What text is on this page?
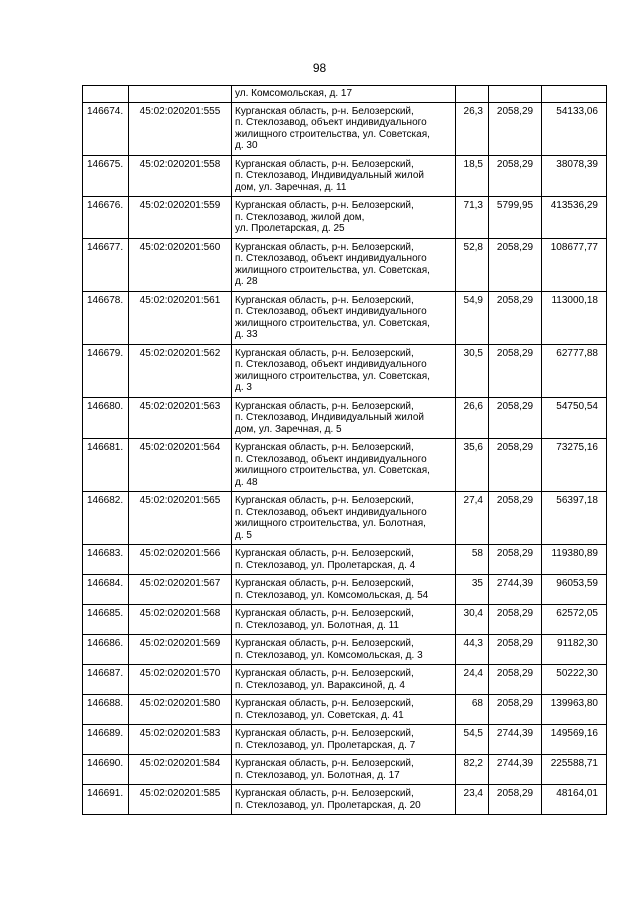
98
		ул. Комсомольская, д. 17			
146674.	45:02:020201:555	Курганская область, р-н. Белозерский,
п. Стеклозавод, объект индивидуального
жилищного строительства, ул. Советская,
д. 30	26,3	2058,29	54133,06
146675.	45:02:020201:558	Курганская область, р-н. Белозерский,
п. Стеклозавод, Индивидуальный жилой
дом, ул. Заречная, д. 11	18,5	2058,29	38078,39
146676.	45:02:020201:559	Курганская область, р-н. Белозерский,
п. Стеклозавод, жилой дом,
ул. Пролетарская, д. 25	71,3	5799,95	413536,29
146677.	45:02:020201:560	Курганская область, р-н. Белозерский,
п. Стеклозавод, объект индивидуального
жилищного строительства, ул. Советская,
д. 28	52,8	2058,29	108677,77
146678.	45:02:020201:561	Курганская область, р-н. Белозерский,
п. Стеклозавод, объект индивидуального
жилищного строительства, ул. Советская,
д. 33	54,9	2058,29	113000,18
146679.	45:02:020201:562	Курганская область, р-н. Белозерский,
п. Стеклозавод, объект индивидуального
жилищного строительства, ул. Советская,
д. 3	30,5	2058,29	62777,88
146680.	45:02:020201:563	Курганская область, р-н. Белозерский,
п. Стеклозавод, Индивидуальный жилой
дом, ул. Заречная, д. 5	26,6	2058,29	54750,54
146681.	45:02:020201:564	Курганская область, р-н. Белозерский,
п. Стеклозавод, объект индивидуального
жилищного строительства, ул. Советская,
д. 48	35,6	2058,29	73275,16
146682.	45:02:020201:565	Курганская область, р-н. Белозерский,
п. Стеклозавод, объект индивидуального
жилищного строительства, ул. Болотная,
д. 5	27,4	2058,29	56397,18
146683.	45:02:020201:566	Курганская область, р-н. Белозерский,
п. Стеклозавод, ул. Пролетарская, д. 4	58	2058,29	119380,89
146684.	45:02:020201:567	Курганская область, р-н. Белозерский,
п. Стеклозавод, ул. Комсомольская, д. 54	35	2744,39	96053,59
146685.	45:02:020201:568	Курганская область, р-н. Белозерский,
п. Стеклозавод, ул. Болотная, д. 11	30,4	2058,29	62572,05
146686.	45:02:020201:569	Курганская область, р-н. Белозерский,
п. Стеклозавод, ул. Комсомольская, д. 3	44,3	2058,29	91182,30
146687.	45:02:020201:570	Курганская область, р-н. Белозерский,
п. Стеклозавод, ул. Вараксиной, д. 4	24,4	2058,29	50222,30
146688.	45:02:020201:580	Курганская область, р-н. Белозерский,
п. Стеклозавод, ул. Советская, д. 41	68	2058,29	139963,80
146689.	45:02:020201:583	Курганская область, р-н. Белозерский,
п. Стеклозавод, ул. Пролетарская, д. 7	54,5	2744,39	149569,16
146690.	45:02:020201:584	Курганская область, р-н. Белозерский,
п. Стеклозавод, ул. Болотная, д. 17	82,2	2744,39	225588,71
146691.	45:02:020201:585	Курганская область, р-н. Белозерский,
п. Стеклозавод, ул. Пролетарская, д. 20	23,4	2058,29	48164,01
